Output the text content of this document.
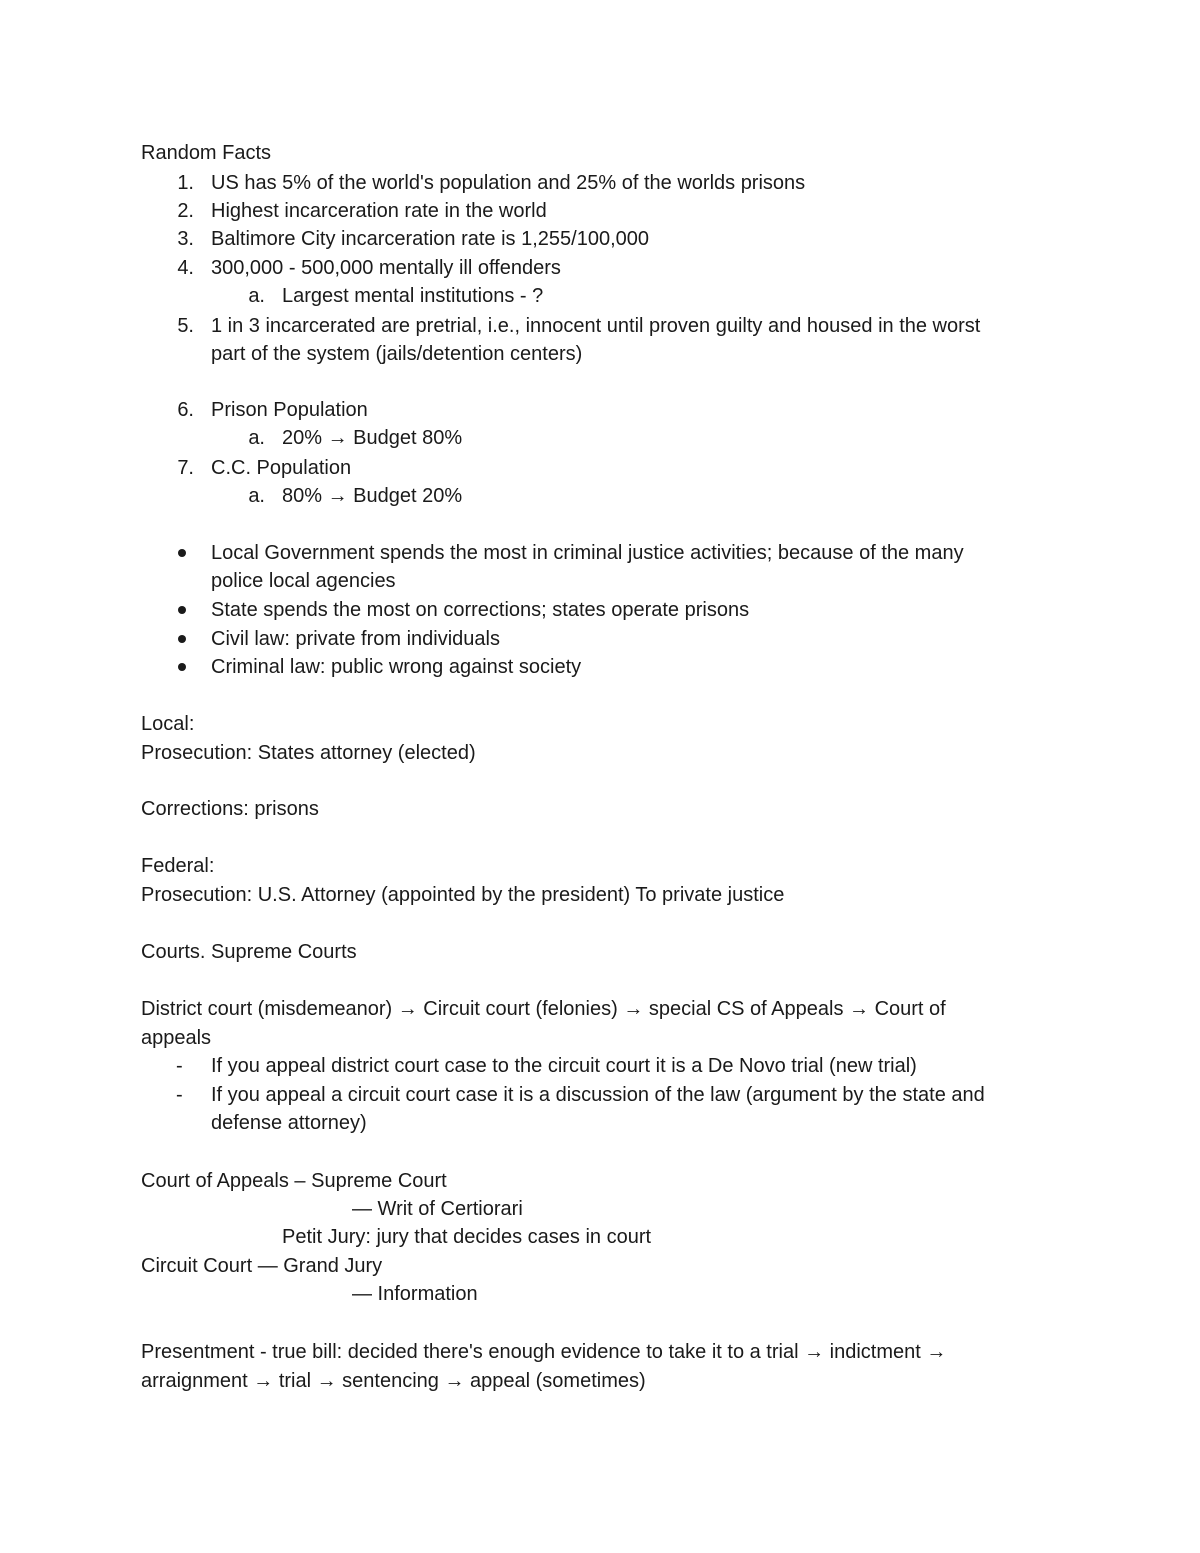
Random Facts
1. US has 5% of the world's population and 25% of the worlds prisons
2. Highest incarceration rate in the world
3. Baltimore City incarceration rate is 1,255/100,000
4. 300,000 - 500,000 mentally ill offenders
a. Largest mental institutions - ?
5. 1 in 3 incarcerated are pretrial, i.e., innocent until proven guilty and housed in the worst
part of the system (jails/detention centers)
6. Prison Population
a. 20% → Budget 80%
7. C.C. Population
a. 80% → Budget 20%
Local Government spends the most in criminal justice activities; because of the many
police local agencies
State spends the most on corrections; states operate prisons
Civil law: private from individuals
Criminal law: public wrong against society
Local:
Prosecution: States attorney (elected)
Corrections: prisons
Federal:
Prosecution: U.S. Attorney (appointed by the president) To private justice
Courts. Supreme Courts
District court (misdemeanor) → Circuit court (felonies) → special CS of Appeals → Court of
appeals
- If you appeal district court case to the circuit court it is a De Novo trial (new trial)
- If you appeal a circuit court case it is a discussion of the law (argument by the state and
defense attorney)
Court of Appeals – Supreme Court
— Writ of Certiorari
Petit Jury: jury that decides cases in court
Circuit Court — Grand Jury
— Information
Presentment - true bill: decided there's enough evidence to take it to a trial → indictment →
arraignment → trial → sentencing → appeal (sometimes)
